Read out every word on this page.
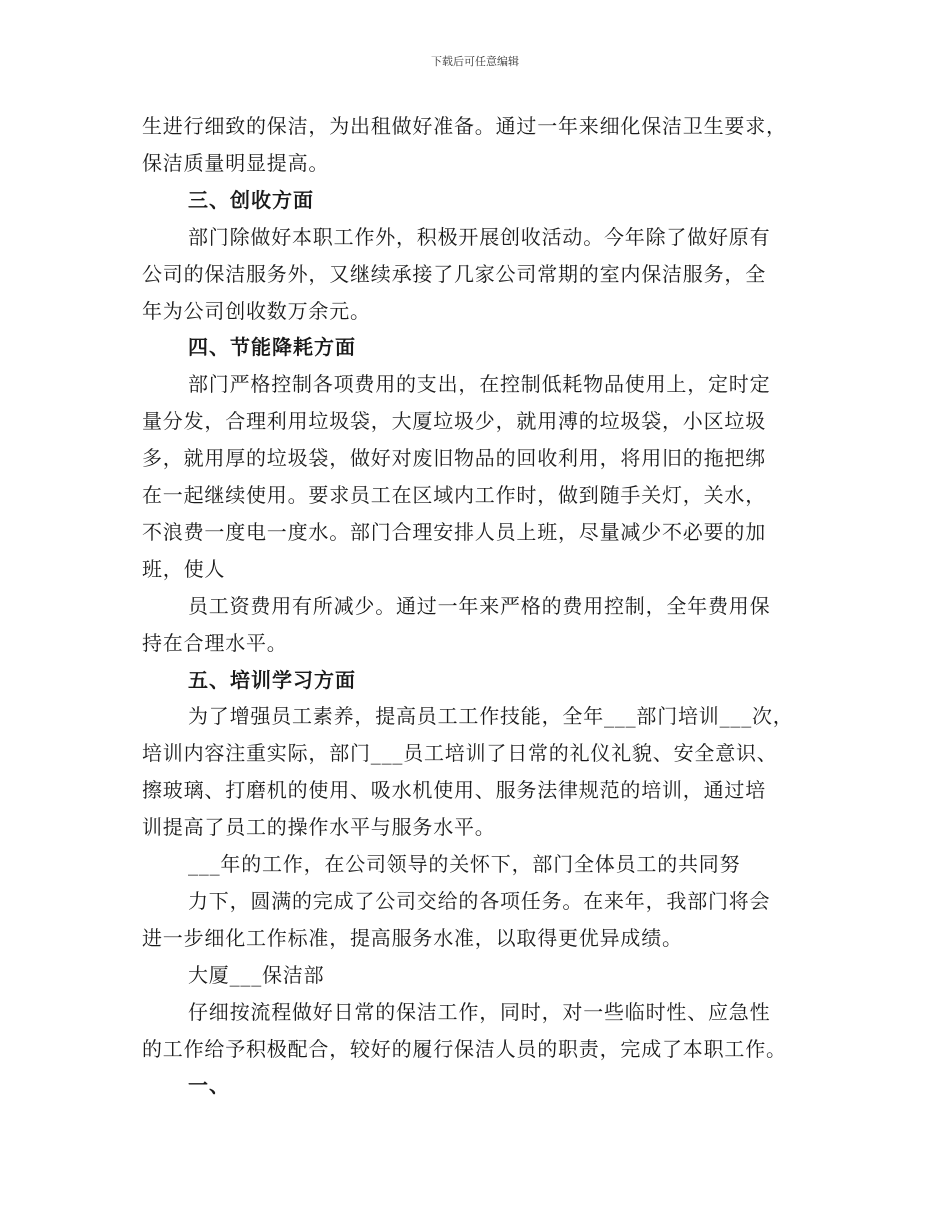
下载后可任意编辑
生进行细致的保洁，为出租做好准备。通过一年来细化保洁卫生要求，
保洁质量明显提高。
三、创收方面
部门除做好本职工作外，积极开展创收活动。今年除了做好原有
公司的保洁服务外，又继续承接了几家公司常期的室内保洁服务，全
年为公司创收数万余元。
四、节能降耗方面
部门严格控制各项费用的支出，在控制低耗物品使用上，定时定
量分发，合理利用垃圾袋，大厦垃圾少，就用溥的垃圾袋，小区垃圾
多，就用厚的垃圾袋，做好对废旧物品的回收利用，将用旧的拖把绑
在一起继续使用。要求员工在区域内工作时，做到随手关灯，关水，
不浪费一度电一度水。部门合理安排人员上班，尽量减少不必要的加
班，使人
员工资费用有所减少。通过一年来严格的费用控制，全年费用保
持在合理水平。
五、培训学习方面
为了增强员工素养，提高员工工作技能，全年___部门培训___次，
培训内容注重实际，部门___员工培训了日常的礼仪礼貌、安全意识、
擦玻璃、打磨机的使用、吸水机使用、服务法律规范的培训，通过培
训提高了员工的操作水平与服务水平。
___年的工作，在公司领导的关怀下，部门全体员工的共同努
力下，圆满的完成了公司交给的各项任务。在来年，我部门将会
进一步细化工作标准，提高服务水准，以取得更优异成绩。
大厦___保洁部
仔细按流程做好日常的保洁工作，同时，对一些临时性、应急性
的工作给予积极配合，较好的履行保洁人员的职责，完成了本职工作。
一、
